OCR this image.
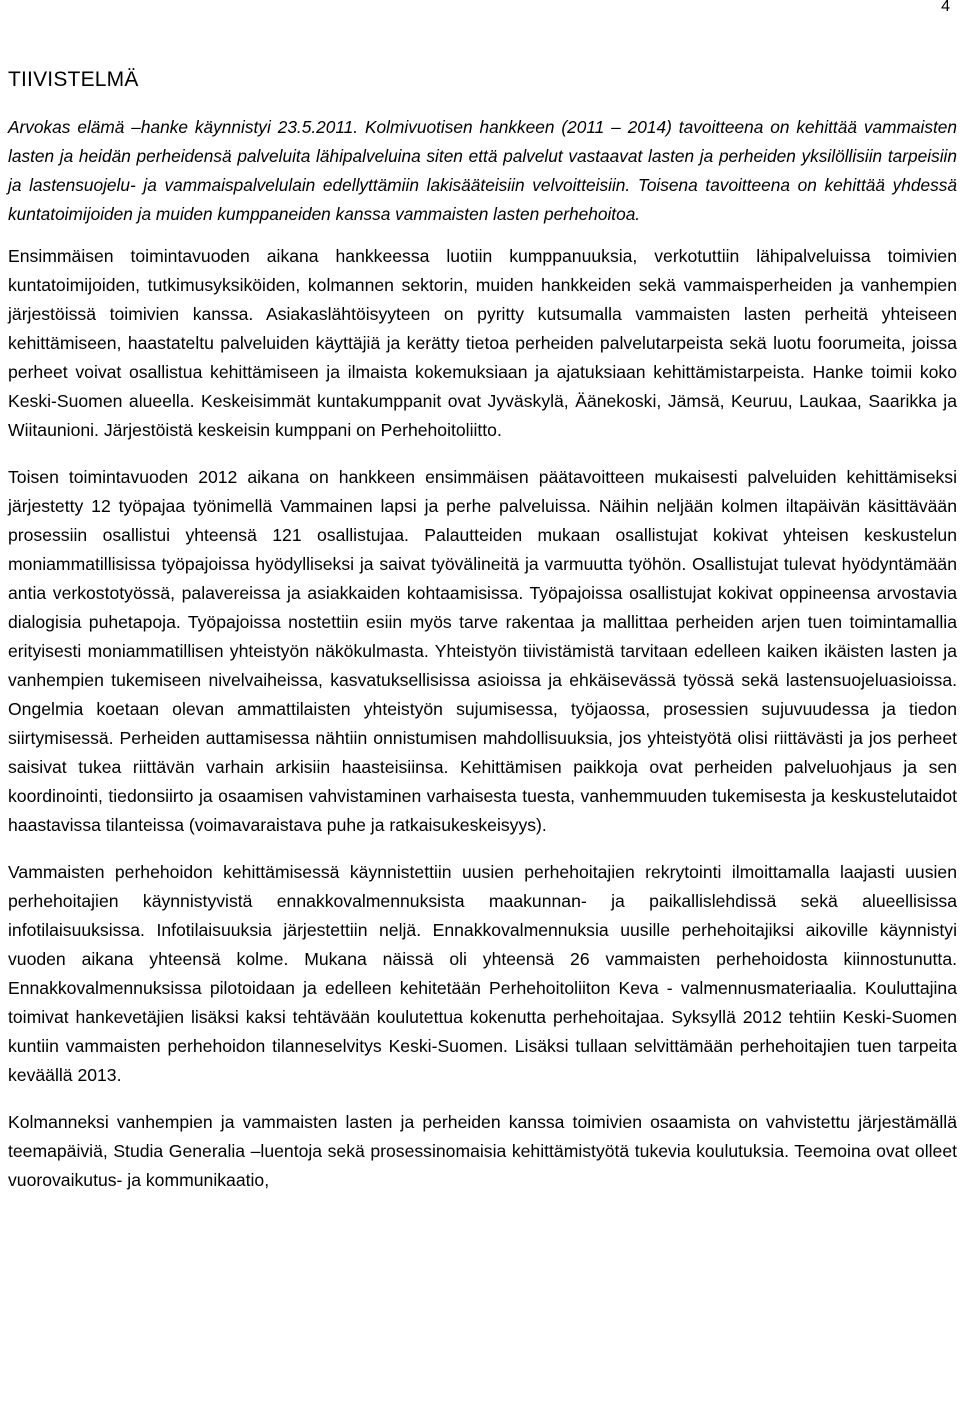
4
TIIVISTELMÄ

Arvokas elämä –hanke käynnistyi 23.5.2011. Kolmivuotisen hankkeen (2011 – 2014) tavoitteena on kehittää vammaisten lasten ja heidän perheidensä palveluita lähipalveluina siten että palvelut vastaavat lasten ja perheiden yksilöllisiin tarpeisiin ja lastensuojelu- ja vammaispalvelulain edellyttämiin lakisääteisiin velvoitteisiin. Toisena tavoitteena on kehittää yhdessä kuntatoimijoiden ja muiden kumppaneiden kanssa vammaisten lasten perhehoitoa.

Ensimmäisen toimintavuoden aikana hankkeessa luotiin kumppanuuksia, verkotuttiin lähipalveluissa toimivien kuntatoimijoiden, tutkimusyksiköiden, kolmannen sektorin, muiden hankkeiden sekä vammaisperheiden ja vanhempien järjestöissä toimivien kanssa. Asiakaslähtöisyyteen on pyritty kutsumalla vammaisten lasten perheitä yhteiseen kehittämiseen, haastateltu palveluiden käyttäjiä ja kerätty tietoa perheiden palvelutarpeista sekä luotu foorumeita, joissa perheet voivat osallistua kehittämiseen ja ilmaista kokemuksiaan ja ajatuksiaan kehittämistarpeista. Hanke toimii koko Keski-Suomen alueella. Keskeisimmät kuntakumppanit ovat Jyväskylä, Äänekoski, Jämsä, Keuruu, Laukaa, Saarikka ja Wiitaunioni. Järjestöistä keskeisin kumppani on Perhehoitoliitto.

Toisen toimintavuoden 2012 aikana on hankkeen ensimmäisen päätavoitteen mukaisesti palveluiden kehittämiseksi järjestetty 12 työpajaa työnimellä Vammainen lapsi ja perhe palveluissa. Näihin neljään kolmen iltapäivän käsittävään prosessiin osallistui yhteensä 121 osallistujaa. Palautteiden mukaan osallistujat kokivat yhteisen keskustelun moniammatillisissa työpajoissa hyödylliseksi ja saivat työvälineitä ja varmuutta työhön. Osallistujat tulevat hyödyntämään antia verkostotyössä, palavereissa ja asiakkaiden kohtaamisissa. Työpajoissa osallistujat kokivat oppineensa arvostavia dialogisia puhetapoja. Työpajoissa nostettiin esiin myös tarve rakentaa ja mallittaa perheiden arjen tuen toimintamallia erityisesti moniammatillisen yhteistyön näkökulmasta. Yhteistyön tiivistämistä tarvitaan edelleen kaiken ikäisten lasten ja vanhempien tukemiseen nivelvaiheissa, kasvatuksellisissa asioissa ja ehkäisevässä työssä sekä lastensuojeluasioissa. Ongelmia koetaan olevan ammattilaisten yhteistyön sujumisessa, työjaossa, prosessien sujuvuudessa ja tiedon siirtymisessä. Perheiden auttamisessa nähtiin onnistumisen mahdollisuuksia, jos yhteistyötä olisi riittävästi ja jos perheet saisivat tukea riittävän varhain arkisiin haasteisiinsa. Kehittämisen paikkoja ovat perheiden palveluohjaus ja sen koordinointi, tiedonsiirto ja osaamisen vahvistaminen varhaisesta tuesta, vanhemmuuden tukemisesta ja keskustelutaidot haastavissa tilanteissa (voimavaraistava puhe ja ratkaisukeskeisyys).

Vammaisten perhehoidon kehittämisessä käynnistettiin uusien perhehoitajien rekrytointi ilmoittamalla laajasti uusien perhehoitajien käynnistyvistä ennakkovalmennuksista maakunnan- ja paikallislehdissä sekä alueellisissa infotilaisuuksissa. Infotilaisuuksia järjestettiin neljä. Ennakkovalmennuksia uusille perhehoitajiksi aikoville käynnistyi vuoden aikana yhteensä kolme. Mukana näissä oli yhteensä 26 vammaisten perhehoidosta kiinnostunutta. Ennakkovalmennuksissa pilotoidaan ja edelleen kehitetään Perhehoitoliiton Keva - valmennusmateriaalia. Kouluttajina toimivat hankevetäjien lisäksi kaksi tehtävään koulutettua kokenutta perhehoitajaa. Syksyllä 2012 tehtiin Keski-Suomen kuntiin vammaisten perhehoidon tilanneselvitys Keski-Suomen. Lisäksi tullaan selvittämään perhehoitajien tuen tarpeita keväällä 2013.

Kolmanneksi vanhempien ja vammaisten lasten ja perheiden kanssa toimivien osaamista on vahvistettu järjestämällä teemapäiviä, Studia Generalia –luentoja sekä prosessinomaisia kehittämistyötä tukevia koulutuksia. Teemoina ovat olleet vuorovaikutus- ja kommunikaatio,
